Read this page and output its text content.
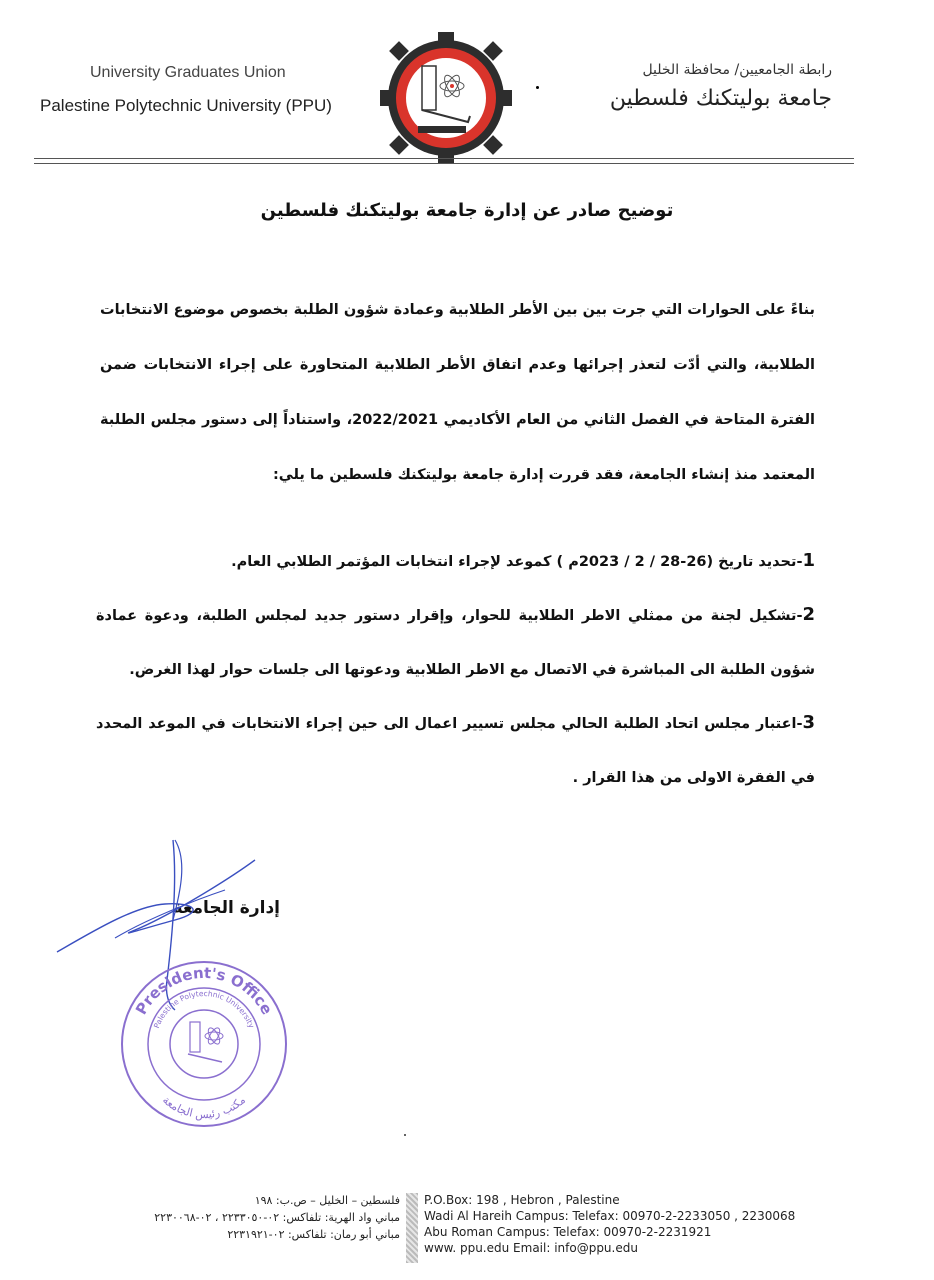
University Graduates Union
Palestine Polytechnic University (PPU)
رابطة الجامعيين/ محافظة الخليل
جامعة بوليتكنك فلسطين
توضيح صادر عن إدارة جامعة بوليتكنك فلسطين
بناءً على الحوارات التي جرت بين بين الأطر الطلابية وعمادة شؤون الطلبة بخصوص موضوع الانتخابات الطلابية، والتي أدّت لتعذر إجرائها وعدم اتفاق الأطر الطلابية المتحاورة على إجراء الانتخابات ضمن الفترة المتاحة في الفصل الثاني من العام الأكاديمي 2022/2021، واستناداً إلى دستور مجلس الطلبة المعتمد منذ إنشاء الجامعة، فقد قررت إدارة جامعة بوليتكنك فلسطين ما يلي:
1-تحديد تاريخ (26-28 / 2 / 2023م ) كموعد لإجراء انتخابات المؤتمر الطلابي العام.
2-تشكيل لجنة من ممثلي الاطر الطلابية للحوار، وإقرار دستور جديد لمجلس الطلبة، ودعوة عمادة شؤون الطلبة الى المباشرة في الاتصال مع الاطر الطلابية ودعوتها الى جلسات حوار لهذا الغرض.
3-اعتبار مجلس اتحاد الطلبة الحالي مجلس تسيير اعمال الى حين إجراء الانتخابات في الموعد المحدد في الفقرة الاولى من هذا القرار .
إدارة الجامعة
President's Office
Palestine Polytechnic University
مكتب رئيس الجامعة
فلسطين – الخليل – ص.ب: ١٩٨
مباني واد الهرية: تلفاكس: ٠٢-٢٢٣٣٠٥٠ ، ٠٢-٢٢٣٠٠٦٨
مباني أبو رمان: تلفاكس: ٠٢-٢٢٣١٩٢١
P.O.Box: 198 , Hebron , Palestine
Wadi Al Hareih Campus: Telefax: 00970-2-2233050 , 2230068
Abu Roman Campus: Telefax: 00970-2-2231921
www. ppu.edu Email: info@ppu.edu
